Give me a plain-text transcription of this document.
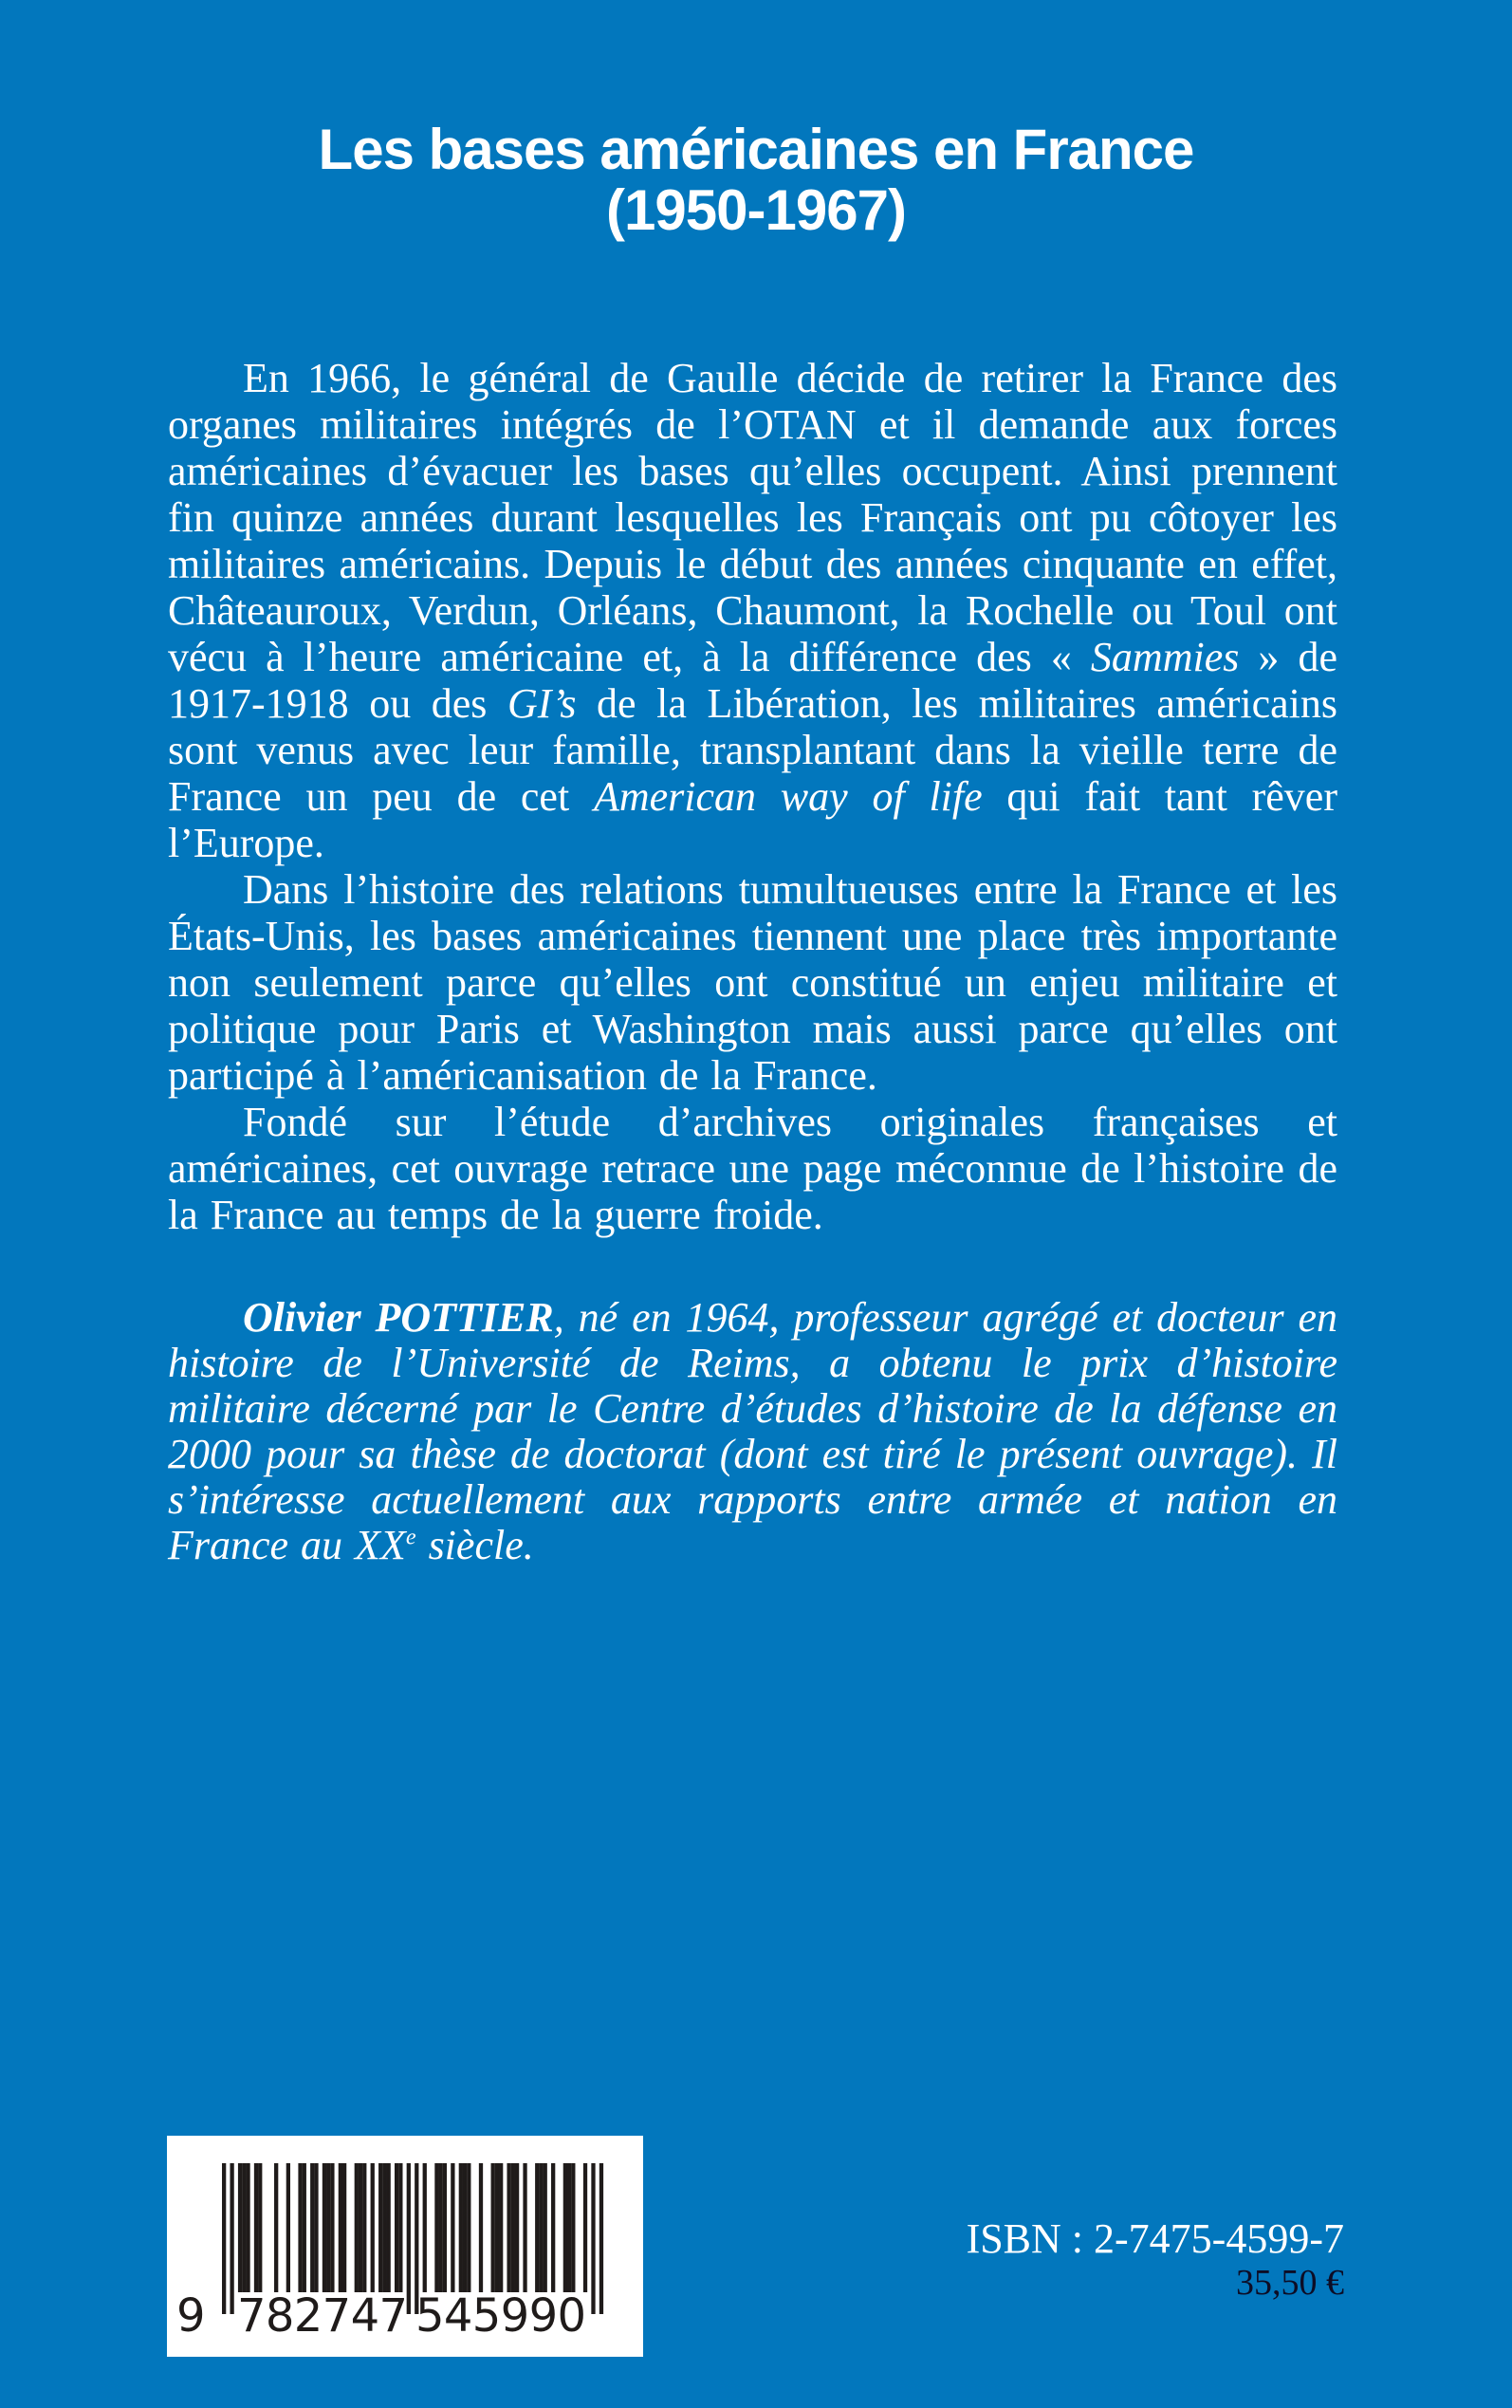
Les bases américaines en France
(1950-1967)

En 1966, le général de Gaulle décide de retirer la France des organes militaires intégrés de l’OTAN et il demande aux forces américaines d’évacuer les bases qu’elles occupent. Ainsi prennent fin quinze années durant lesquelles les Français ont pu côtoyer les militaires américains. Depuis le début des années cinquante en effet, Châteauroux, Verdun, Orléans, Chaumont, la Rochelle ou Toul ont vécu à l’heure américaine et, à la différence des « Sammies » de 1917-1918 ou des GI’s de la Libération, les militaires américains sont venus avec leur famille, transplantant dans la vieille terre de France un peu de cet American way of life qui fait tant rêver l’Europe.

Dans l’histoire des relations tumultueuses entre la France et les États-Unis, les bases américaines tiennent une place très importante non seulement parce qu’elles ont constitué un enjeu militaire et politique pour Paris et Washington mais aussi parce qu’elles ont participé à l’américanisation de la France.

Fondé sur l’étude d’archives originales françaises et américaines, cet ouvrage retrace une page méconnue de l’histoire de la France au temps de la guerre froide.

Olivier POTTIER, né en 1964, professeur agrégé et docteur en histoire de l’Université de Reims, a obtenu le prix d’histoire militaire décerné par le Centre d’études d’histoire de la défense en 2000 pour sa thèse de doctorat (dont est tiré le présent ouvrage). Il s’intéresse actuellement aux rapports entre armée et nation en France au XXe siècle.

9 782747 545990
ISBN : 2-7475-4599-7
35,50 €
